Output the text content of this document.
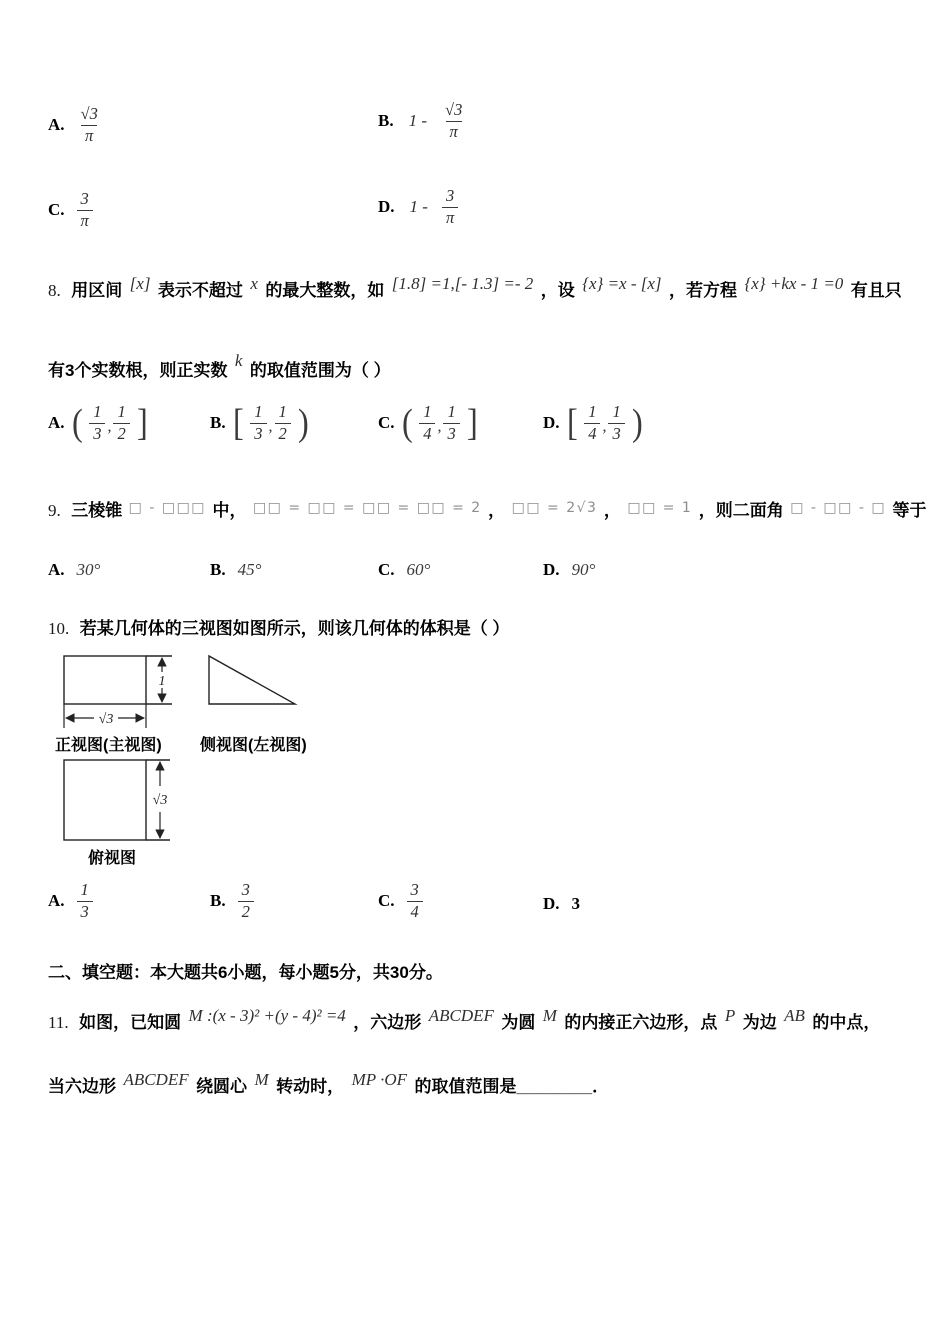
A. $\frac{√3}{\pi}$	B. $1 - \frac{√3}{\pi}$
C. $\frac{3}{\pi}$	D. $1 - \frac{3}{\pi}$
8. 用区间 [x] 表示不超过 x 的最大整数，如 [1.8] =1,[- 1.3] =- 2 ，设 {x} =x - [x] ，若方程 {x} +kx - 1 =0 有且只
有3个实数根，则正实数 k 的取值范围为（ ）
A. ( $\frac{1}{3}$ , $\frac{1}{2}$ ]	B. [ $\frac{1}{3}$ , $\frac{1}{2}$ )	C. ( $\frac{1}{4}$ , $\frac{1}{3}$ ]	D. [ $\frac{1}{4}$ , $\frac{1}{3}$ )
9. 三棱锥 □ - □□□ 中， □□ = □□ = □□ = □□ = 2 ， □□ = 2√3 ， □□ = 1 ，则二面角 □ - □□ - □ 等于
A. 30°	B. 45°	C. 60°	D. 90°
10. 若某几何体的三视图如图所示，则该几何体的体积是（ ）
1
√3
正视图(主视图) 侧视图(左视图)
√3
俯视图
A. $\frac{1}{3}$	B. $\frac{3}{2}$	C. $\frac{3}{4}$	D. 3
二、填空题：本大题共6小题，每小题5分，共30分。
11. 如图，已知圆 M :(x - 3)² +(y - 4)² =4 ，六边形 ABCDEF 为圆 M 的内接正六边形，点 P 为边 AB 的中点，
当六边形 ABCDEF 绕圆心 M 转动时， MP ·OF 的取值范围是________．
